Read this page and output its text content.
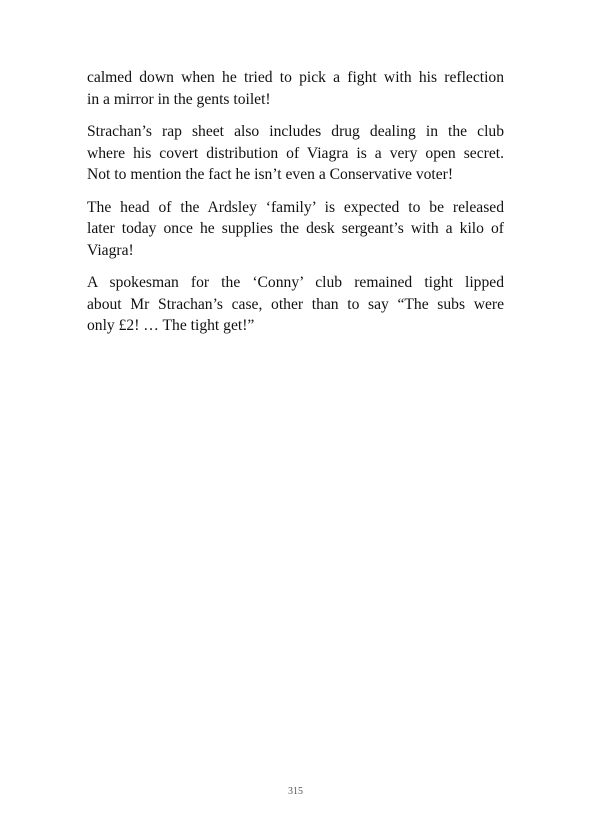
calmed down when he tried to pick a fight with his reflection
in a mirror in the gents toilet!

Strachan’s rap sheet also includes drug dealing in the club
where his covert distribution of Viagra is a very open secret.
Not to mention the fact he isn’t even a Conservative voter!

The head of the Ardsley ‘family’ is expected to be released
later today once he supplies the desk sergeant’s with a kilo of
Viagra!

A spokesman for the ‘Conny’ club remained tight lipped
about Mr Strachan’s case, other than to say “The subs were
only £2! … The tight get!”

315
